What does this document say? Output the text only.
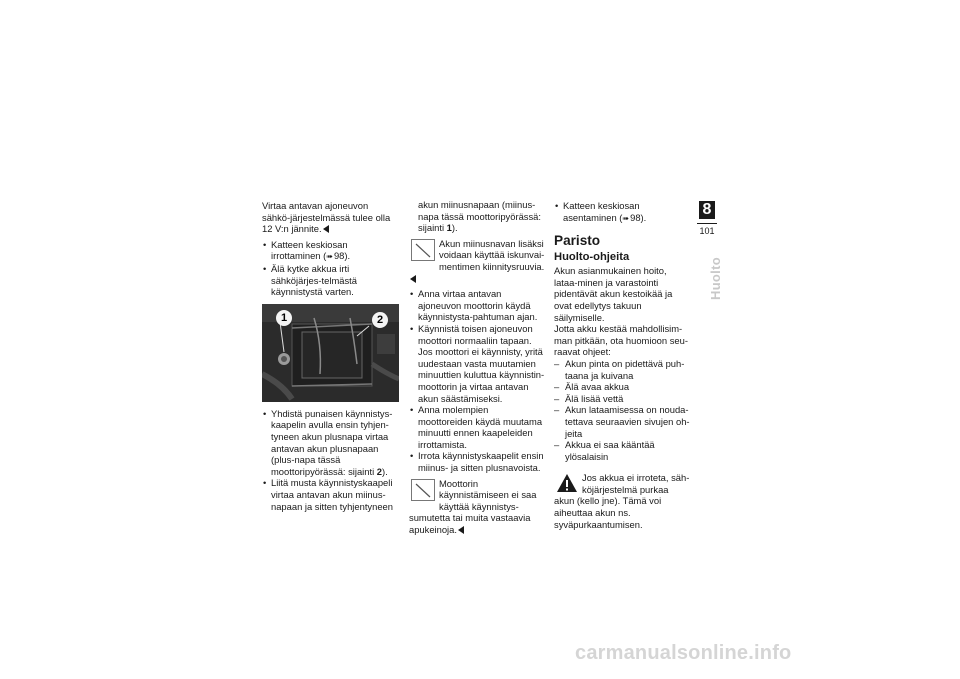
Virtaa antavan ajoneuvon sähkö-järjestelmässä tulee olla 12 V:n jännite.

• Katteen keskiosan irrottaminen (➠98).

• Älä kytke akkua irti sähköjärjes-telmästä käynnistystä varten.

1	2

• Yhdistä punaisen käynnistys-kaapelin avulla ensin tyhjen-tyneen akun plusnapa virtaa antavan akun plusnapaan (plus-napa tässä moottoripyörässä: sijainti 2).

• Liitä musta käynnistyskaapeli virtaa antavan akun miinus-napaan ja sitten tyhjentyneen

akun miinusnapaan (miinus-napa tässä moottoripyörässä: sijainti 1).

Akun miinusnavan lisäksi voidaan käyttää iskunvai-mentimen kiinnitysruuvia.

• Anna virtaa antavan ajoneuvon moottorin käydä käynnistysta-pahtuman ajan.

• Käynnistä toisen ajoneuvon moottori normaaliin tapaan. Jos moottori ei käynnisty, yritä uudestaan vasta muutamien minuuttien kuluttua käynnistin-moottorin ja virtaa antavan akun säästämiseksi.

• Anna molempien moottoreiden käydä muutama minuutti ennen kaapeleiden irrottamista.

• Irrota käynnistyskaapelit ensin miinus- ja sitten plusnavoista.

Moottorin käynnistämiseen ei saa käyttää käynnistys-sumutetta tai muita vastaavia apukeinoja.

• Katteen keskiosan asentaminen (➠98).

Paristo
Huolto-ohjeita

Akun asianmukainen hoito, lataa-minen ja varastointi pidentävät akun kestoikää ja ovat edellytys takuun säilymiselle.

Jotta akku kestää mahdollisim-man pitkään, ota huomioon seu-raavat ohjeet:

– Akun pinta on pidettävä puh-taana ja kuivana

– Älä avaa akkua

– Älä lisää vettä

– Akun lataamisessa on nouda-tettava seuraavien sivujen oh-jeita

– Akkua ei saa kääntää ylösalaisin

Jos akkua ei irroteta, säh-köjärjestelmä purkaa akun (kello jne). Tämä voi aiheuttaa akun ns. syväpurkaantumisen.

8
101
Huolto
carmanualsonline.info
